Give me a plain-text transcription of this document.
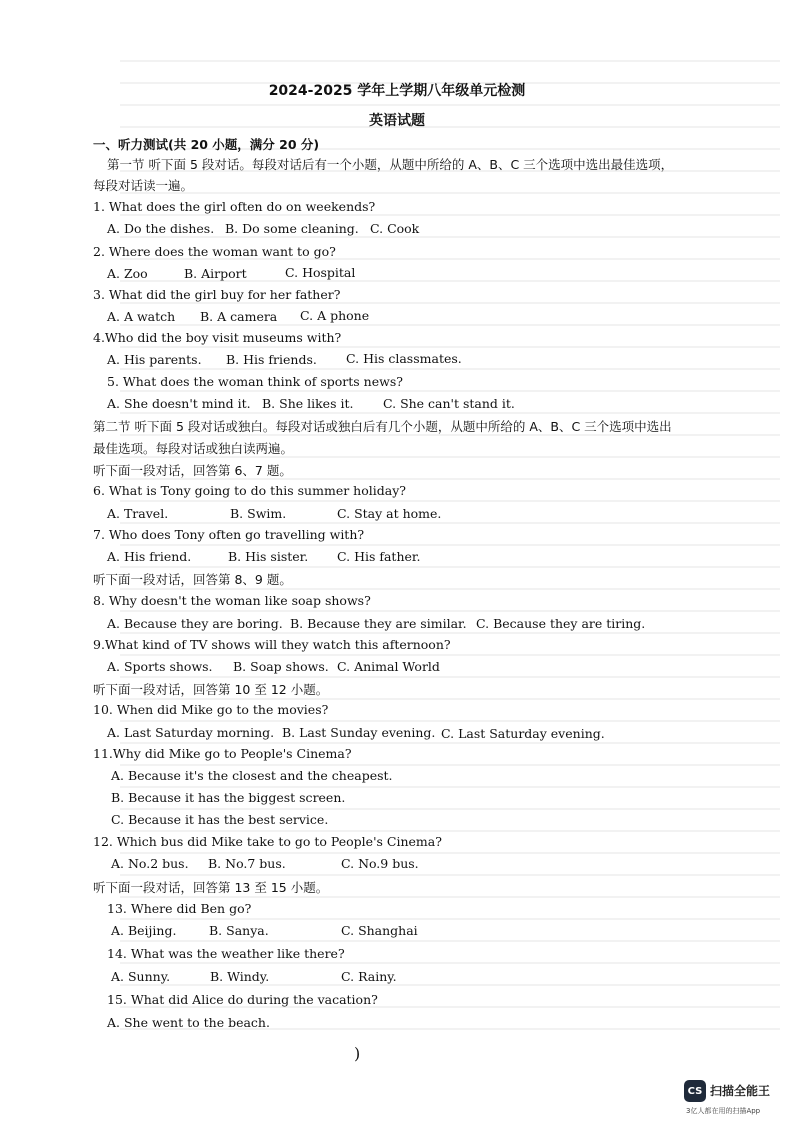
2024-2025 学年上学期八年级单元检测
英语试题
一、听力测试(共 20 小题，满分 20 分)
第一节 听下面 5 段对话。每段对话后有一个小题，从题中所给的 A、B、C 三个选项中选出最佳选项，
每段对话读一遍。
1. What does the girl often do on weekends?
A. Do the dishes. B. Do some cleaning. C. Cook
2. Where does the woman want to go?
A. Zoo	B. Airport	C. Hospital
3. What did the girl buy for her father?
A. A watch B. A camera C. A phone
4.Who did the boy visit museums with?
A. His parents. B. His friends. C. His classmates.
5. What does the woman think of sports news?
A. She doesn't mind it. B. She likes it. C. She can't stand it.
第二节 听下面 5 段对话或独白。每段对话或独白后有几个小题，从题中所给的 A、B、C 三个选项中选出
最佳选项。每段对话或独白读两遍。
听下面一段对话，回答第 6、7 题。
6. What is Tony going to do this summer holiday?
A. Travel.	B. Swim.	C. Stay at home.
7. Who does Tony often go travelling with?
A. His friend.	B. His sister. C. His father.
听下面一段对话，回答第 8、9 题。
8. Why doesn't the woman like soap shows?
A. Because they are boring. B. Because they are similar. C. Because they are tiring.
9.What kind of TV shows will they watch this afternoon?
A. Sports shows. B. Soap shows. C. Animal World
听下面一段对话，回答第 10 至 12 小题。
10. When did Mike go to the movies?
A. Last Saturday morning. B. Last Sunday evening. C. Last Saturday evening.
11.Why did Mike go to People's Cinema?
A. Because it's the closest and the cheapest.
B. Because it has the biggest screen.
C. Because it has the best service.
12. Which bus did Mike take to go to People's Cinema?
A. No.2 bus. B. No.7 bus.	C. No.9 bus.
听下面一段对话，回答第 13 至 15 小题。
13. Where did Ben go?
A. Beijing.	B. Sanya.	C. Shanghai
14. What was the weather like there?
A. Sunny.	B. Windy.	C. Rainy.
15. What did Alice do during the vacation?
A. She went to the beach.
)
CS 扫描全能王
3亿人都在用的扫描App
